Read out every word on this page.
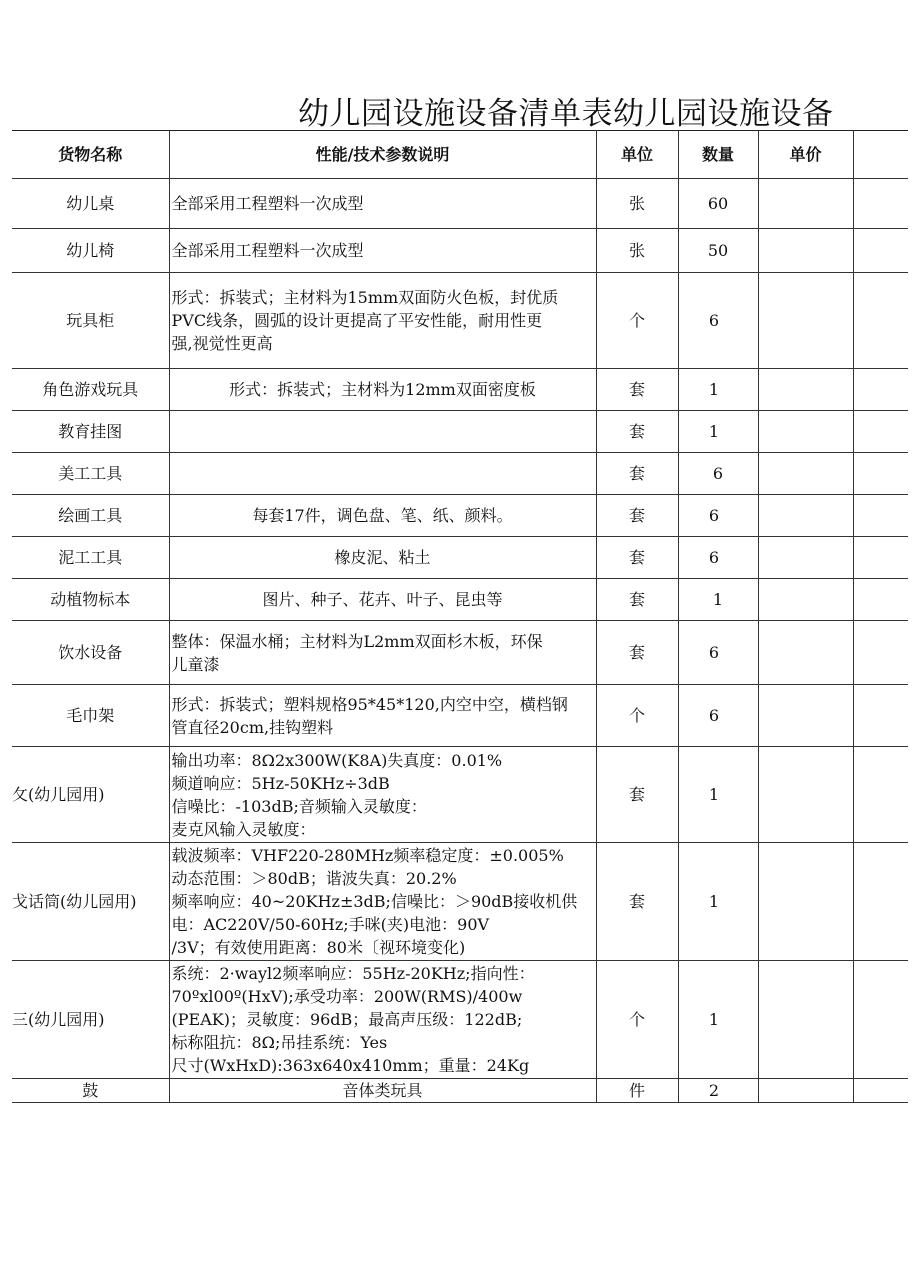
幼儿园设施设备清单表幼儿园设施设备
货物名称	性能/技术参数说明	单位	数量	单价	
幼儿桌	全部采用工程塑料一次成型	张	60		
幼儿椅	全部采用工程塑料一次成型	张	50		
玩具柜	形式：拆装式；主材料为15mm双面防火色板，封优质
PVC线条，圆弧的设计更提高了平安性能，耐用性更
强,视觉性更高	个	6		
角色游戏玩具	形式：拆装式；主材料为12mm双面密度板	套	1		
教育挂图		套	1		
美工工具		套	6		
绘画工具	每套17件，调色盘、笔、纸、颜料。	套	6		
泥工工具	橡皮泥、粘土	套	6		
动植物标本	图片、种子、花卉、叶子、昆虫等	套	1		
饮水设备	整体：保温水桶；主材料为L2mm双面杉木板，环保
儿童漆	套	6		
毛巾架	形式：拆装式；塑料规格95*45*120,内空中空，横档钢
管直径20cm,挂钩塑料	个	6		
攵(幼儿园用)	输出功率：8Ω2x300W(K8A)失真度：0.01%
频道响应：5Hz-50KHz÷3dB
信噪比：-103dB;音频输入灵敏度：
麦克风输入灵敏度：	套	1		
戈话筒(幼儿园用)	载波频率：VHF220-280MHz频率稳定度：±0.005%
动态范围：＞80dB；谐波失真：20.2%
频率响应：40~20KHz±3dB;信噪比：＞90dB接收机供
电：AC220V/50-60Hz;手咪(夹)电池：90V
/3V；有效使用距离：80米〔视环境变化)	套	1		
三(幼儿园用)	系统：2·wayl2频率响应：55Hz-20KHz;指向性：
70ºxl00º(HxV);承受功率：200W(RMS)/400w
(PEAK)；灵敏度：96dB；最高声压级：122dB;
标称阻抗：8Ω;吊挂系统：Yes
尺寸(WxHxD):363x640x410mm；重量：24Kg	个	1		
鼓	音体类玩具	件	2		
